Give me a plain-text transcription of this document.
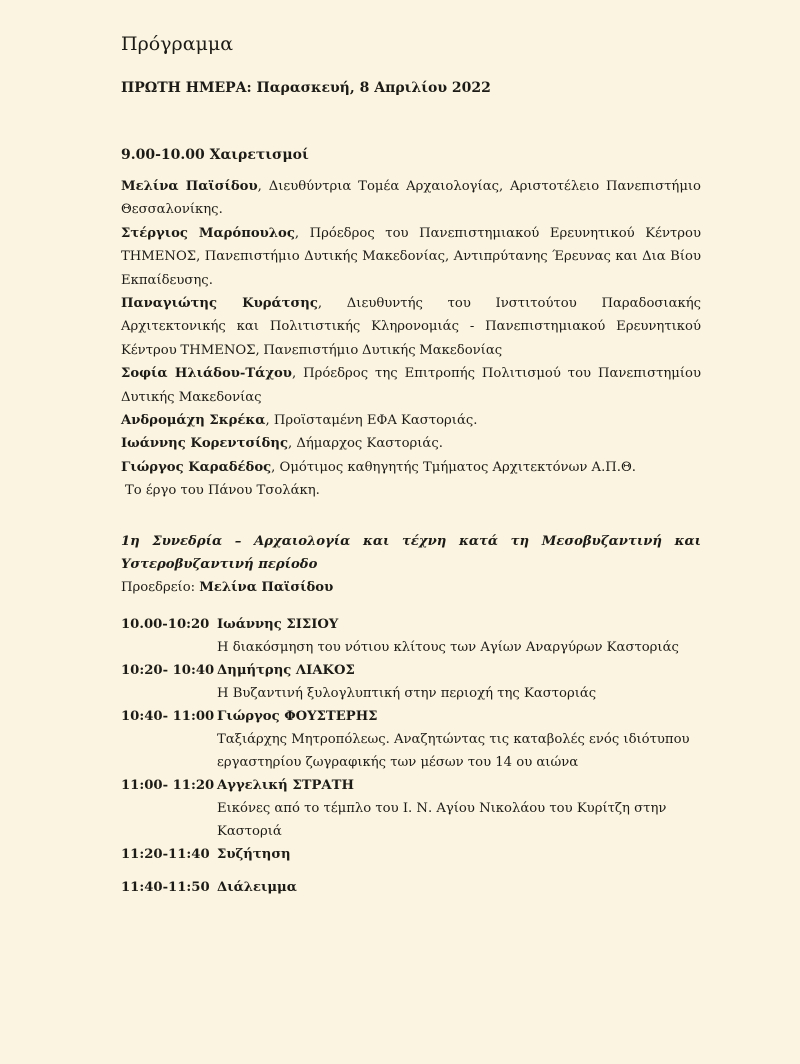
Πρόγραμμα
ΠΡΩΤΗ ΗΜΕΡΑ: Παρασκευή, 8 Απριλίου 2022
9.00-10.00 Χαιρετισμοί

Μελίνα Παϊσίδου, Διευθύντρια Τομέα Αρχαιολογίας, Αριστοτέλειο Πανεπιστήμιο Θεσσαλονίκης.

Στέργιος Μαρόπουλος, Πρόεδρος του Πανεπιστημιακού Ερευνητικού Κέντρου ΤΗΜΕΝΟΣ, Πανεπιστήμιο Δυτικής Μακεδονίας, Αντιπρύτανης Έρευνας και Δια Βίου Εκπαίδευσης.

Παναγιώτης Κυράτσης, Διευθυντής του Ινστιτούτου Παραδοσιακής Αρχιτεκτονικής και Πολιτιστικής Κληρονομιάς - Πανεπιστημιακού Ερευνητικού Κέντρου ΤΗΜΕΝΟΣ, Πανεπιστήμιο Δυτικής Μακεδονίας

Σοφία Ηλιάδου-Τάχου, Πρόεδρος της Επιτροπής Πολιτισμού του Πανεπιστημίου Δυτικής Μακεδονίας

Ανδρομάχη Σκρέκα, Προϊσταμένη ΕΦΑ Καστοριάς.

Ιωάννης Κορεντσίδης, Δήμαρχος Καστοριάς.

Γιώργος Καραδέδος, Ομότιμος καθηγητής Τμήματος Αρχιτεκτόνων Α.Π.Θ.

Το έργο του Πάνου Τσολάκη.

1η Συνεδρία – Αρχαιολογία και τέχνη κατά τη Μεσοβυζαντινή και Υστεροβυζαντινή περίοδο
Προεδρείο: Μελίνα Παϊσίδου
10.00-10:20 Ιωάννης ΣΙΣΙΟΥ
Η διακόσμηση του νότιου κλίτους των Αγίων Αναργύρων Καστοριάς
10:20- 10:40 Δημήτρης ΛΙΑΚΟΣ
Η Βυζαντινή ξυλογλυπτική στην περιοχή της Καστοριάς
10:40- 11:00 Γιώργος ΦΟΥΣΤΕΡΗΣ
Ταξιάρχης Μητροπόλεως. Αναζητώντας τις καταβολές ενός ιδιότυπου εργαστηρίου ζωγραφικής των μέσων του 14 ου αιώνα
11:00- 11:20 Αγγελική ΣΤΡΑΤΗ
Εικόνες από το τέμπλο του Ι. Ν. Αγίου Νικολάου του Κυρίτζη στην Καστοριά
11:20-11:40 Συζήτηση
11:40-11:50 Διάλειμμα
